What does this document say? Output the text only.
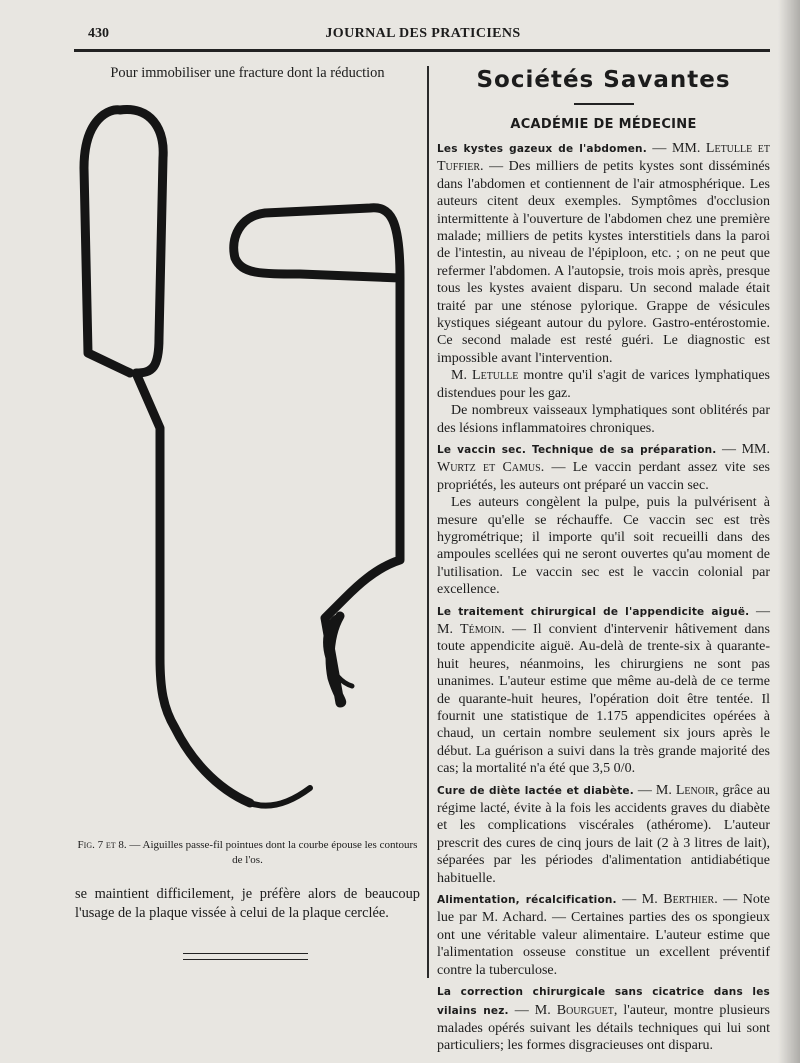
430	JOURNAL DES PRATICIENS

Pour immobiliser une fracture dont la réduction

Fig. 7 et 8. — Aiguilles passe-fil pointues dont la courbe épouse les contours de l'os.

se maintient difficilement, je préfère alors de beaucoup l'usage de la plaque vissée à celui de la plaque cerclée.

Sociétés Savantes
ACADÉMIE DE MÉDECINE

Les kystes gazeux de l'abdomen. — MM. Letulle et Tuffier. — Des milliers de petits kystes sont disséminés dans l'abdomen et contiennent de l'air atmosphérique. Les auteurs citent deux exemples. Symptômes d'occlusion intermittente à l'ouverture de l'abdomen chez une première malade; milliers de petits kystes interstitiels dans la paroi de l'intestin, au niveau de l'épiploon, etc. ; on ne peut que refermer l'abdomen. A l'autopsie, trois mois après, presque tous les kystes avaient disparu. Un second malade était traité par une sténose pylorique. Grappe de vésicules kystiques siégeant autour du pylore. Gastro-entérostomie. Ce second malade est resté guéri. Le diagnostic est impossible avant l'intervention.

M. Letulle montre qu'il s'agit de varices lymphatiques distendues pour les gaz.

De nombreux vaisseaux lymphatiques sont oblitérés par des lésions inflammatoires chroniques.

Le vaccin sec. Technique de sa préparation. — MM. Wurtz et Camus. — Le vaccin perdant assez vite ses propriétés, les auteurs ont préparé un vaccin sec.

Les auteurs congèlent la pulpe, puis la pulvérisent à mesure qu'elle se réchauffe. Ce vaccin sec est très hygrométrique; il importe qu'il soit recueilli dans des ampoules scellées qui ne seront ouvertes qu'au moment de l'utilisation. Le vaccin sec est le vaccin colonial par excellence.

Le traitement chirurgical de l'appendicite aiguë. — M. Témoin. — Il convient d'intervenir hâtivement dans toute appendicite aiguë. Au-delà de trente-six à quarante-huit heures, néanmoins, les chirurgiens ne sont pas unanimes. L'auteur estime que même au-delà de ce terme de quarante-huit heures, l'opération doit être tentée. Il fournit une statistique de 1.175 appendicites opérées à chaud, un certain nombre seulement six jours après le début. La guérison a suivi dans la très grande majorité des cas; la mortalité n'a été que 3,5 0/0.

Cure de diète lactée et diabète. — M. Lenoir, grâce au régime lacté, évite à la fois les accidents graves du diabète et les complications viscérales (athérome). L'auteur prescrit des cures de cinq jours de lait (2 à 3 litres de lait), séparées par les périodes d'alimentation antidiabétique habituelle.

Alimentation, récalcification. — M. Berthier. — Note lue par M. Achard. — Certaines parties des os spongieux ont une véritable valeur alimentaire. L'auteur estime que l'alimentation osseuse constitue un excellent préventif contre la tuberculose.

La correction chirurgicale sans cicatrice dans les vilains nez. — M. Bourguet, l'auteur, montre plusieurs malades opérés suivant les détails techniques qui lui sont particuliers; les formes disgracieuses ont disparu.
